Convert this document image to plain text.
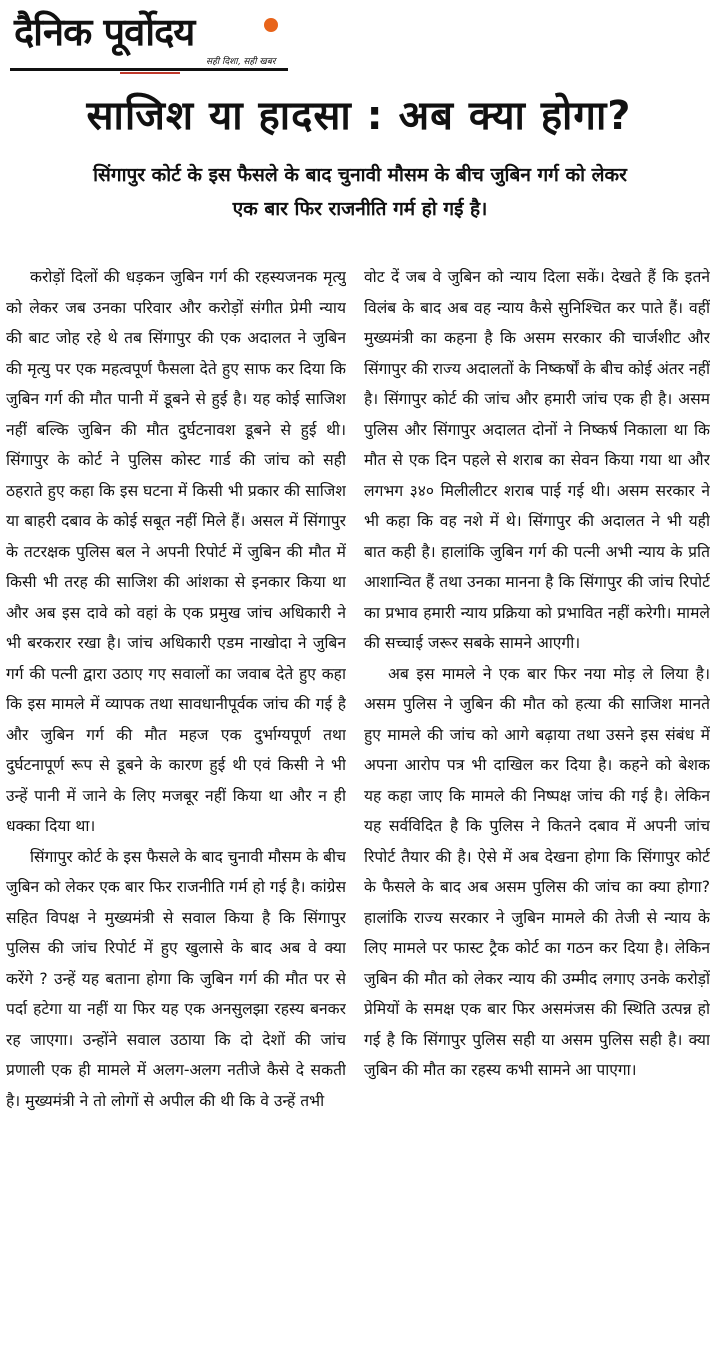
दैनिक पूर्वोदय
सही दिशा, सही खबर
साजिश या हादसा : अब क्या होगा?
सिंगापुर कोर्ट के इस फैसले के बाद चुनावी मौसम के बीच जुबिन गर्ग को लेकर एक बार फिर राजनीति गर्म हो गई है।

करोड़ों दिलों की धड़कन जुबिन गर्ग की रहस्यजनक मृत्यु को लेकर जब उनका परिवार और करोड़ों संगीत प्रेमी न्याय की बाट जोह रहे थे तब सिंगापुर की एक अदालत ने जुबिन की मृत्यु पर एक महत्वपूर्ण फैसला देते हुए साफ कर दिया कि जुबिन गर्ग की मौत पानी में डूबने से हुई है। यह कोई साजिश नहीं बल्कि जुबिन की मौत दुर्घटनावश डूबने से हुई थी। सिंगापुर के कोर्ट ने पुलिस कोस्ट गार्ड की जांच को सही ठहराते हुए कहा कि इस घटना में किसी भी प्रकार की साजिश या बाहरी दबाव के कोई सबूत नहीं मिले हैं। असल में सिंगापुर के तटरक्षक पुलिस बल ने अपनी रिपोर्ट में जुबिन की मौत में किसी भी तरह की साजिश की आंशका से इनकार किया था और अब इस दावे को वहां के एक प्रमुख जांच अधिकारी ने भी बरकरार रखा है। जांच अधिकारी एडम नाखोदा ने जुबिन गर्ग की पत्नी द्वारा उठाए गए सवालों का जवाब देते हुए कहा कि इस मामले में व्यापक तथा सावधानीपूर्वक जांच की गई है और जुबिन गर्ग की मौत महज एक दुर्भाग्यपूर्ण तथा दुर्घटनापूर्ण रूप से डूबने के कारण हुई थी एवं किसी ने भी उन्हें पानी में जाने के लिए मजबूर नहीं किया था और न ही धक्का दिया था।

सिंगापुर कोर्ट के इस फैसले के बाद चुनावी मौसम के बीच जुबिन को लेकर एक बार फिर राजनीति गर्म हो गई है। कांग्रेस सहित विपक्ष ने मुख्यमंत्री से सवाल किया है कि सिंगापुर पुलिस की जांच रिपोर्ट में हुए खुलासे के बाद अब वे क्या करेंगे ? उन्हें यह बताना होगा कि जुबिन गर्ग की मौत पर से पर्दा हटेगा या नहीं या फिर यह एक अनसुलझा रहस्य बनकर रह जाएगा। उन्होंने सवाल उठाया कि दो देशों की जांच प्रणाली एक ही मामले में अलग-अलग नतीजे कैसे दे सकती है। मुख्यमंत्री ने तो लोगों से अपील की थी कि वे उन्हें तभी

वोट दें जब वे जुबिन को न्याय दिला सकें। देखते हैं कि इतने विलंब के बाद अब वह न्याय कैसे सुनिश्चित कर पाते हैं। वहीं मुख्यमंत्री का कहना है कि असम सरकार की चार्जशीट और सिंगापुर की राज्य अदालतों के निष्कर्षों के बीच कोई अंतर नहीं है। सिंगापुर कोर्ट की जांच और हमारी जांच एक ही है। असम पुलिस और सिंगापुर अदालत दोनों ने निष्कर्ष निकाला था कि मौत से एक दिन पहले से शराब का सेवन किया गया था और लगभग ३४० मिलीलीटर शराब पाई गई थी। असम सरकार ने भी कहा कि वह नशे में थे। सिंगापुर की अदालत ने भी यही बात कही है। हालांकि जुबिन गर्ग की पत्नी अभी न्याय के प्रति आशान्वित हैं तथा उनका मानना है कि सिंगापुर की जांच रिपोर्ट का प्रभाव हमारी न्याय प्रक्रिया को प्रभावित नहीं करेगी। मामले की सच्चाई जरूर सबके सामने आएगी।

अब इस मामले ने एक बार फिर नया मोड़ ले लिया है। असम पुलिस ने जुबिन की मौत को हत्या की साजिश मानते हुए मामले की जांच को आगे बढ़ाया तथा उसने इस संबंध में अपना आरोप पत्र भी दाखिल कर दिया है। कहने को बेशक यह कहा जाए कि मामले की निष्पक्ष जांच की गई है। लेकिन यह सर्वविदित है कि पुलिस ने कितने दबाव में अपनी जांच रिपोर्ट तैयार की है। ऐसे में अब देखना होगा कि सिंगापुर कोर्ट के फैसले के बाद अब असम पुलिस की जांच का क्या होगा? हालांकि राज्य सरकार ने जुबिन मामले की तेजी से न्याय के लिए मामले पर फास्ट ट्रैक कोर्ट का गठन कर दिया है। लेकिन जुबिन की मौत को लेकर न्याय की उम्मीद लगाए उनके करोड़ों प्रेमियों के समक्ष एक बार फिर असमंजस की स्थिति उत्पन्न हो गई है कि सिंगापुर पुलिस सही या असम पुलिस सही है। क्या जुबिन की मौत का रहस्य कभी सामने आ पाएगा।
